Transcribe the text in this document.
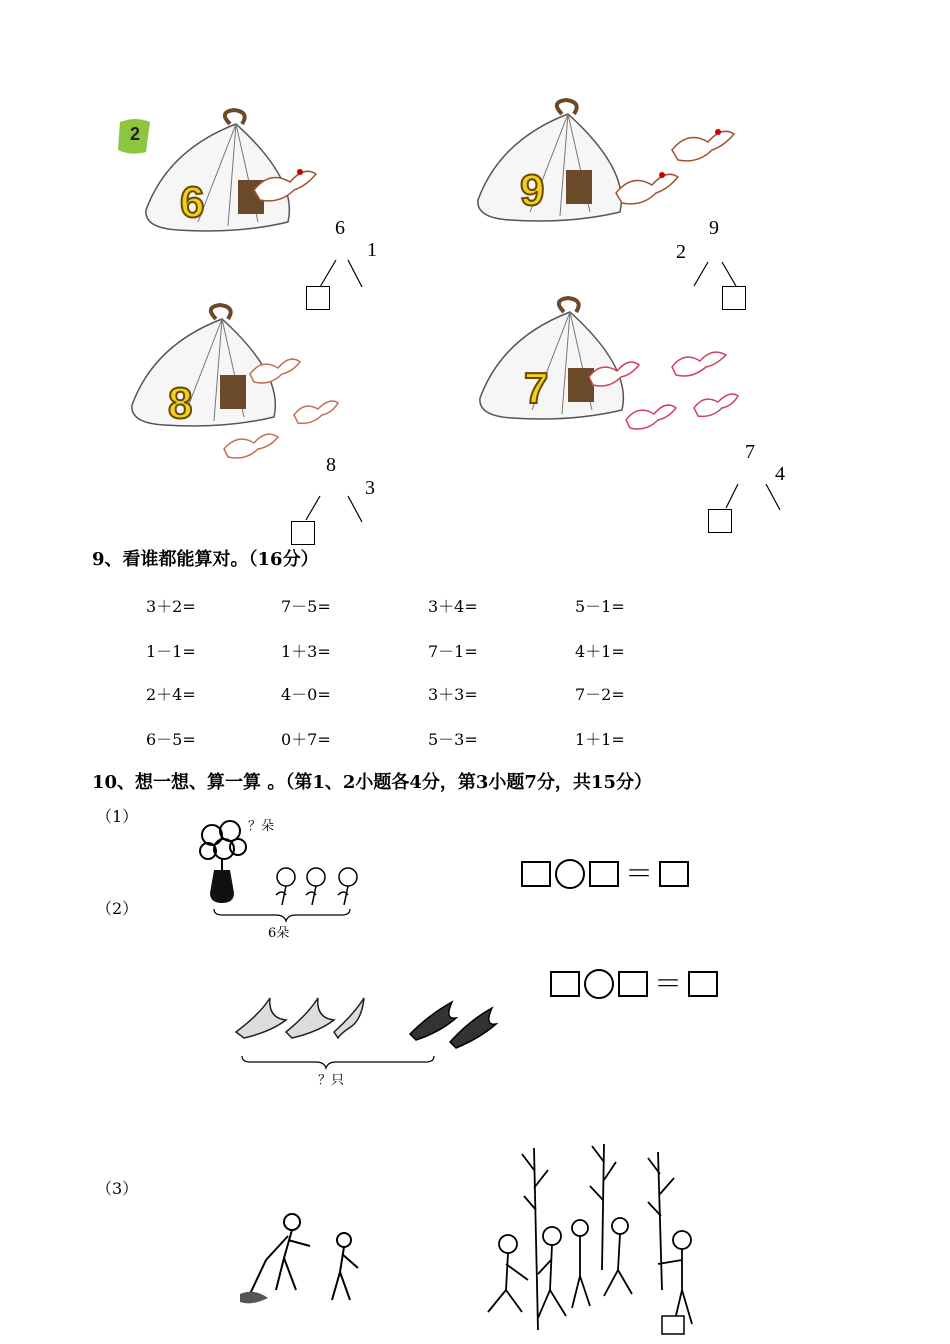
2
6	9
8	7
6
1
9
2
8
3
7
4
9、看谁都能算对。（16分）
3＋2=	7－5=	3＋4=	5－1=
1－1=	1＋3=	7－1=	4＋1=
2＋4=	4－0=	3＋3=	7－2=
6－5=	0＋7=	5－3=	1＋1=
10、想一想、算一算 。（第1、2小题各4分，第3小题7分，共15分）
（1）
（2）
（3）
？朵
6朵
＝
＝
？只
